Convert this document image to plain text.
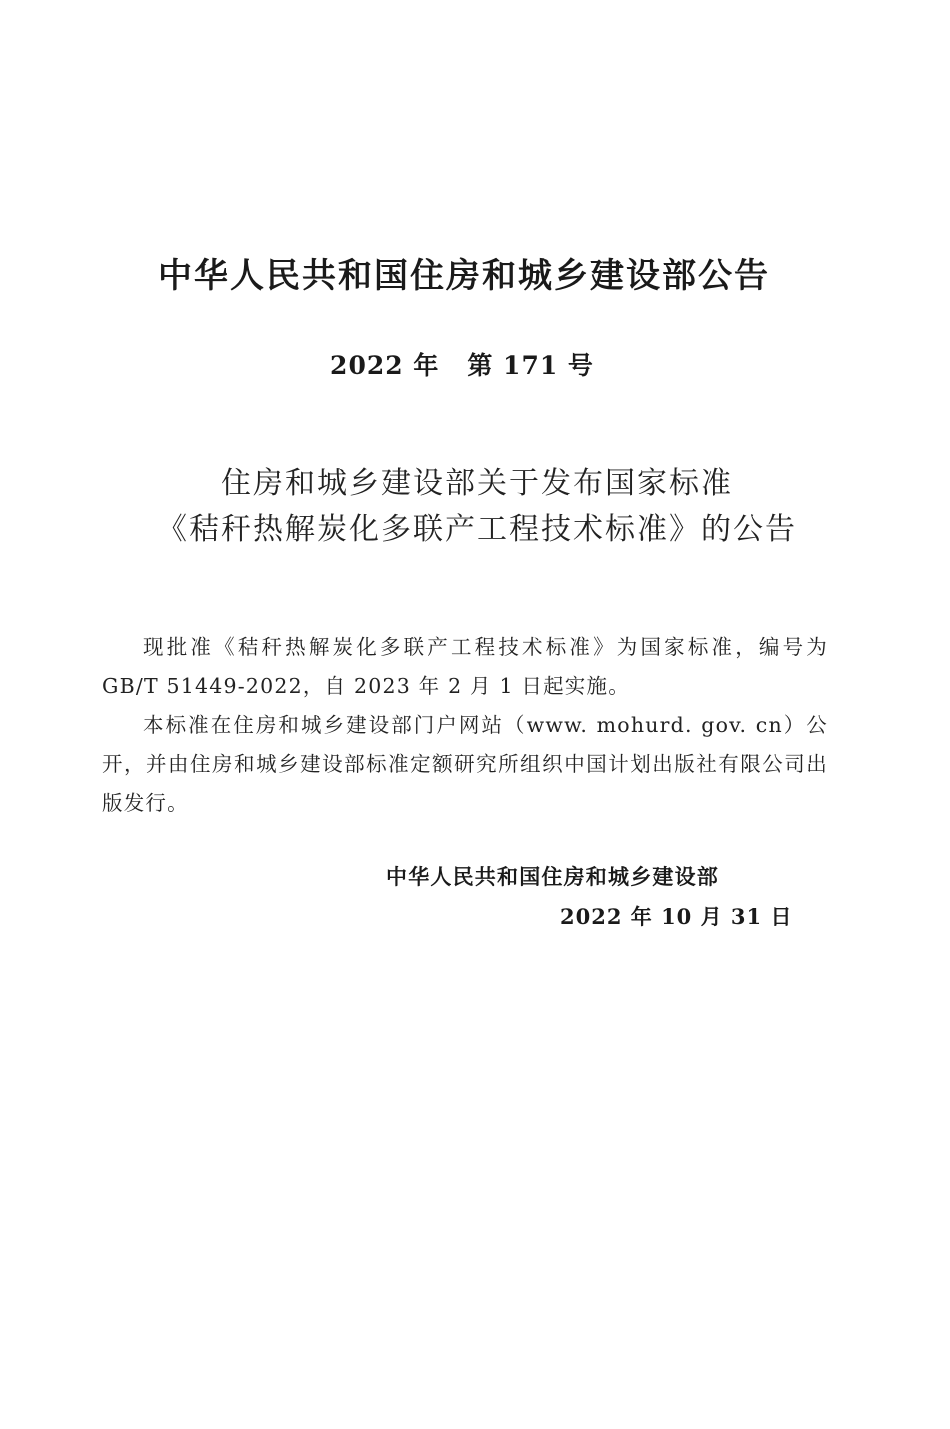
中华人民共和国住房和城乡建设部公告
2022 年 第 171 号
住房和城乡建设部关于发布国家标准
《秸秆热解炭化多联产工程技术标准》的公告

现批准《秸秆热解炭化多联产工程技术标准》为国家标准，编号为 GB/T 51449-2022，自 2023 年 2 月 1 日起实施。

本标准在住房和城乡建设部门户网站（www. mohurd. gov. cn）公开，并由住房和城乡建设部标准定额研究所组织中国计划出版社有限公司出版发行。

中华人民共和国住房和城乡建设部
2022 年 10 月 31 日
